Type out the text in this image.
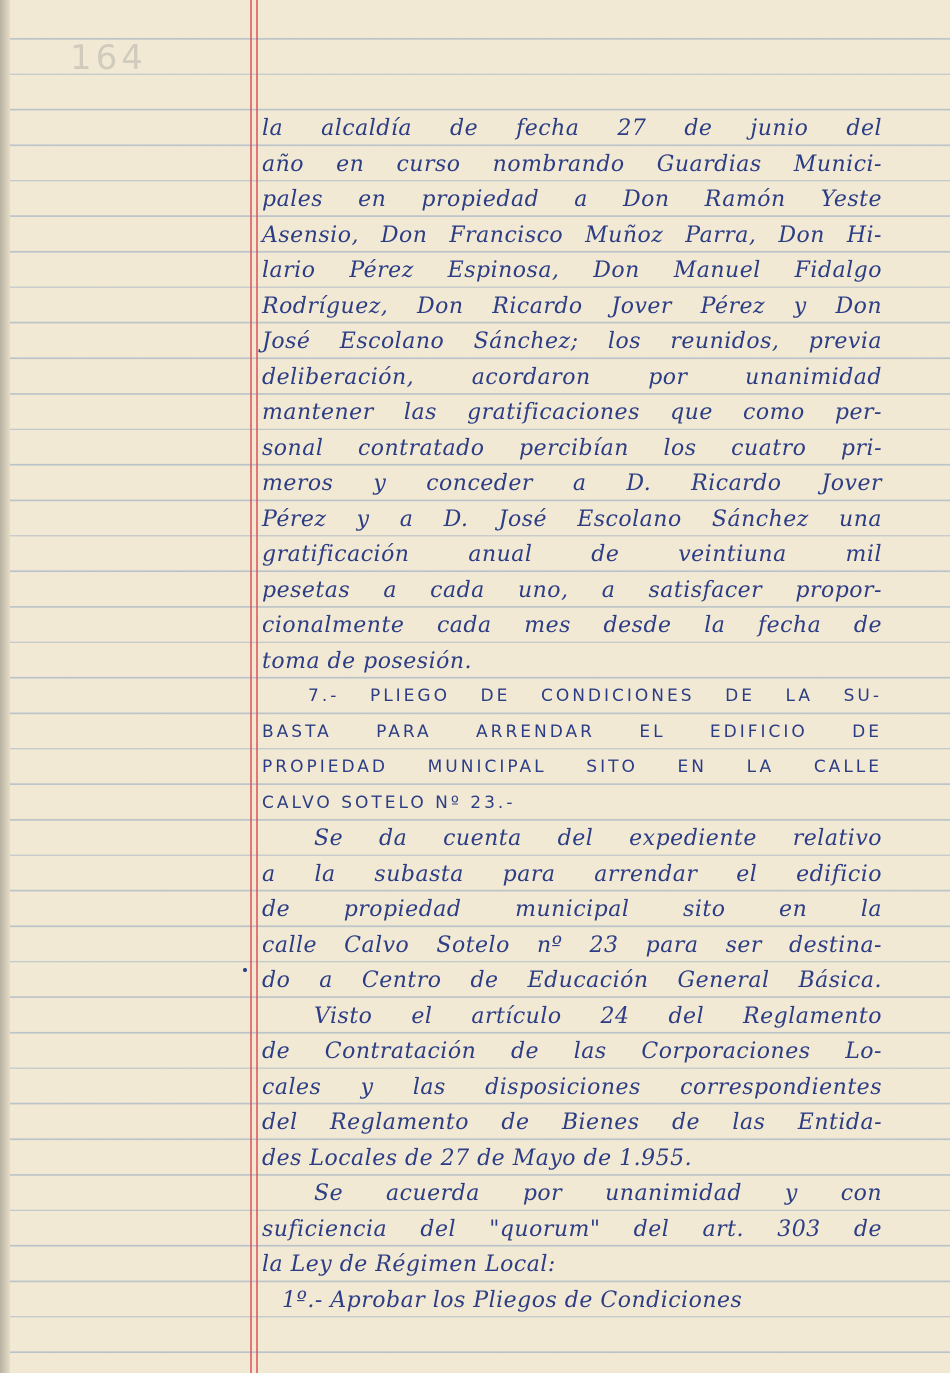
164
la alcaldía de fecha 27 de junio del
año en curso nombrando Guardias Munici-
pales en propiedad a Don Ramón Yeste
Asensio, Don Francisco Muñoz Parra, Don Hi-
lario Pérez Espinosa, Don Manuel Fidalgo
Rodríguez, Don Ricardo Jover Pérez y Don
José Escolano Sánchez; los reunidos, previa
deliberación, acordaron por unanimidad
mantener las gratificaciones que como per-
sonal contratado percibían los cuatro pri-
meros y conceder a D. Ricardo Jover
Pérez y a D. José Escolano Sánchez una
gratificación anual de veintiuna mil
pesetas a cada uno, a satisfacer propor-
cionalmente cada mes desde la fecha de
toma de posesión.
7.- PLIEGO DE CONDICIONES DE LA SU-
BASTA PARA ARRENDAR EL EDIFICIO DE
PROPIEDAD MUNICIPAL SITO EN LA CALLE
CALVO SOTELO Nº 23.-
Se da cuenta del expediente relativo
a la subasta para arrendar el edificio
de propiedad municipal sito en la
calle Calvo Sotelo nº 23 para ser destina-
do a Centro de Educación General Básica.
Visto el artículo 24 del Reglamento
de Contratación de las Corporaciones Lo-
cales y las disposiciones correspondientes
del Reglamento de Bienes de las Entida-
des Locales de 27 de Mayo de 1.955.
Se acuerda por unanimidad y con
suficiencia del "quorum" del art. 303 de
la Ley de Régimen Local:
1º.- Aprobar los Pliegos de Condiciones
